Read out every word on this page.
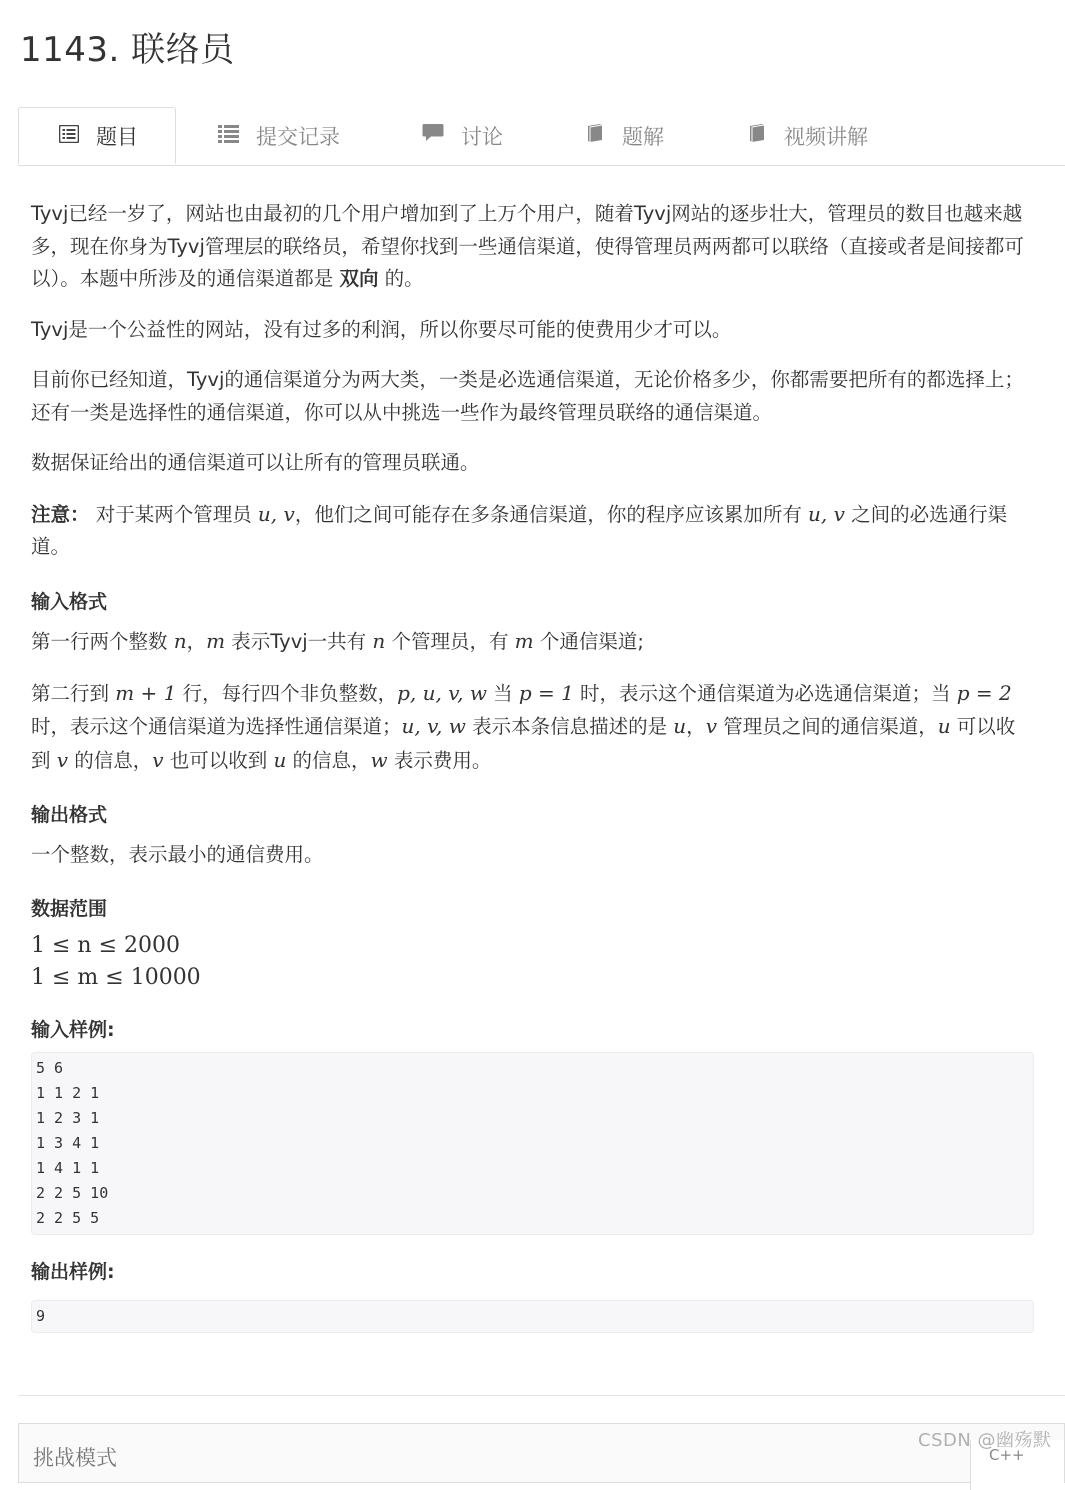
1143. 联络员
题目	提交记录	讨论	题解	视频讲解

Tyvj已经一岁了，网站也由最初的几个用户增加到了上万个用户，随着Tyvj网站的逐步壮大，管理员的数目也越来越多，现在你身为Tyvj管理层的联络员，希望你找到一些通信渠道，使得管理员两两都可以联络（直接或者是间接都可以）。本题中所涉及的通信渠道都是 双向 的。

Tyvj是一个公益性的网站，没有过多的利润，所以你要尽可能的使费用少才可以。

目前你已经知道，Tyvj的通信渠道分为两大类，一类是必选通信渠道，无论价格多少，你都需要把所有的都选择上；还有一类是选择性的通信渠道，你可以从中挑选一些作为最终管理员联络的通信渠道。

数据保证给出的通信渠道可以让所有的管理员联通。

注意： 对于某两个管理员 u, v，他们之间可能存在多条通信渠道，你的程序应该累加所有 u, v 之间的必选通行渠道。

输入格式

第一行两个整数 n，m 表示Tyvj一共有 n 个管理员，有 m 个通信渠道;

第二行到 m + 1 行，每行四个非负整数，p, u, v, w 当 p = 1 时，表示这个通信渠道为必选通信渠道；当 p = 2 时，表示这个通信渠道为选择性通信渠道；u, v, w 表示本条信息描述的是 u，v 管理员之间的通信渠道，u 可以收到 v 的信息，v 也可以收到 u 的信息，w 表示费用。

输出格式

一个整数，表示最小的通信费用。

数据范围
1 ≤ n ≤ 2000
1 ≤ m ≤ 10000
输入样例:
5 6
1 1 2 1
1 2 3 1
1 3 4 1
1 4 1 1
2 2 5 10
2 2 5 5
输出样例:
9
挑战模式	C++
CSDN @幽殇默
